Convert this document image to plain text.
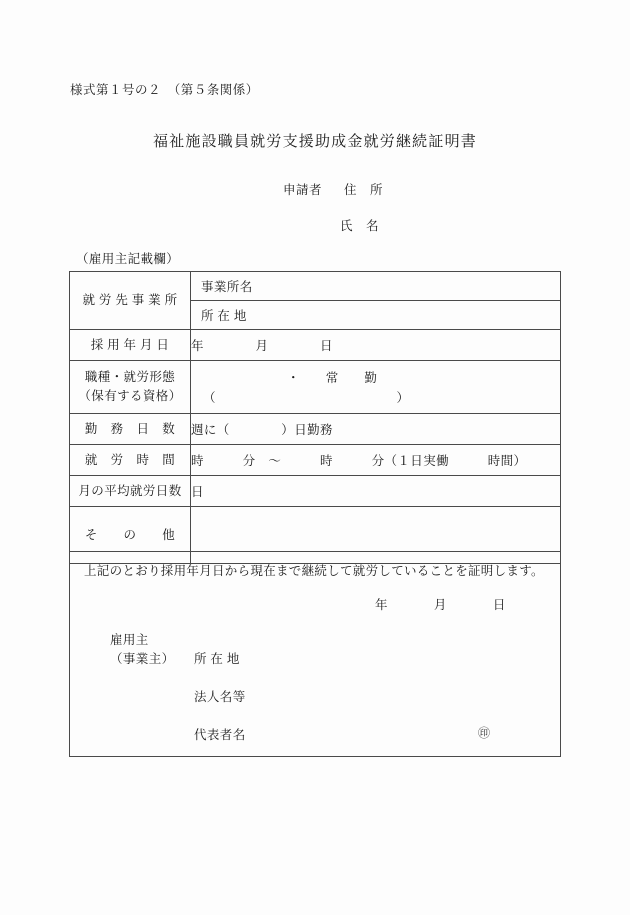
様式第１号の２　（第５条関係）
福祉施設職員就労支援助成金就労継続証明書
申請者 住　所
氏　名
（雇用主記載欄）
就 労 先 事 業 所	事業所名
所 在 地

採 用 年 月 日	年　　　　月　　　　日
職種・就労形態
（保有する資格）	・　　常　　勤
（　　　　　　　　　　　　　　）

勤　務　日　数	週に（　　　　）日勤務
就　労　時　間	時　　　分　～　　　時　　　分（１日実働　　　時間）
月の平均就労日数	日
そ　　の　　他	
上記のとおり採用年月日から現在まで継続して就労していることを証明します。
年	月	日
雇用主
（事業主） 所 在 地
法人名等
代表者名	㊞
